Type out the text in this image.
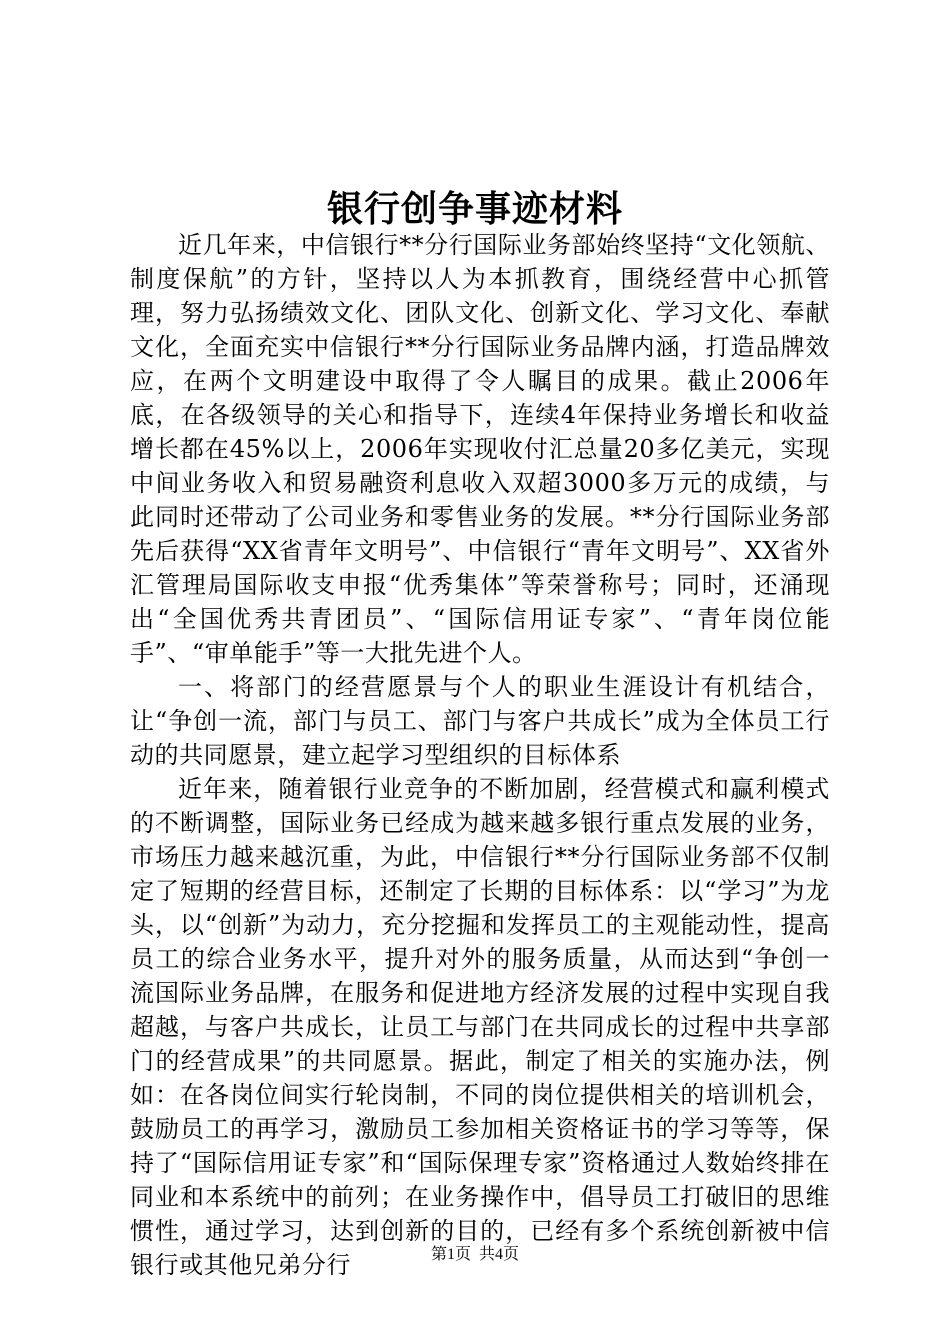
银行创争事迹材料

近几年来，中信银行**分行国际业务部始终坚持“文化领航、制度保航”的方针，坚持以人为本抓教育，围绕经营中心抓管理，努力弘扬绩效文化、团队文化、创新文化、学习文化、奉献文化，全面充实中信银行**分行国际业务品牌内涵，打造品牌效应，在两个文明建设中取得了令人瞩目的成果。截止2006年底，在各级领导的关心和指导下，连续4年保持业务增长和收益增长都在45%以上，2006年实现收付汇总量20多亿美元，实现中间业务收入和贸易融资利息收入双超3000多万元的成绩，与此同时还带动了公司业务和零售业务的发展。**分行国际业务部先后获得“XX省青年文明号”、中信银行“青年文明号”、XX省外汇管理局国际收支申报“优秀集体”等荣誉称号；同时，还涌现出“全国优秀共青团员”、“国际信用证专家”、“青年岗位能手”、“审单能手”等一大批先进个人。

一、将部门的经营愿景与个人的职业生涯设计有机结合，让“争创一流，部门与员工、部门与客户共成长”成为全体员工行动的共同愿景，建立起学习型组织的目标体系

近年来，随着银行业竞争的不断加剧，经营模式和赢利模式的不断调整，国际业务已经成为越来越多银行重点发展的业务，市场压力越来越沉重，为此，中信银行**分行国际业务部不仅制定了短期的经营目标，还制定了长期的目标体系：以“学习”为龙头，以“创新”为动力，充分挖掘和发挥员工的主观能动性，提高员工的综合业务水平，提升对外的服务质量，从而达到“争创一流国际业务品牌，在服务和促进地方经济发展的过程中实现自我超越，与客户共成长，让员工与部门在共同成长的过程中共享部门的经营成果”的共同愿景。据此，制定了相关的实施办法，例如：在各岗位间实行轮岗制，不同的岗位提供相关的培训机会，鼓励员工的再学习，激励员工参加相关资格证书的学习等等，保持了“国际信用证专家”和“国际保理专家”资格通过人数始终排在同业和本系统中的前列；在业务操作中，倡导员工打破旧的思维惯性，通过学习，达到创新的目的，已经有多个系统创新被中信银行或其他兄弟分行	第1页 共4页
